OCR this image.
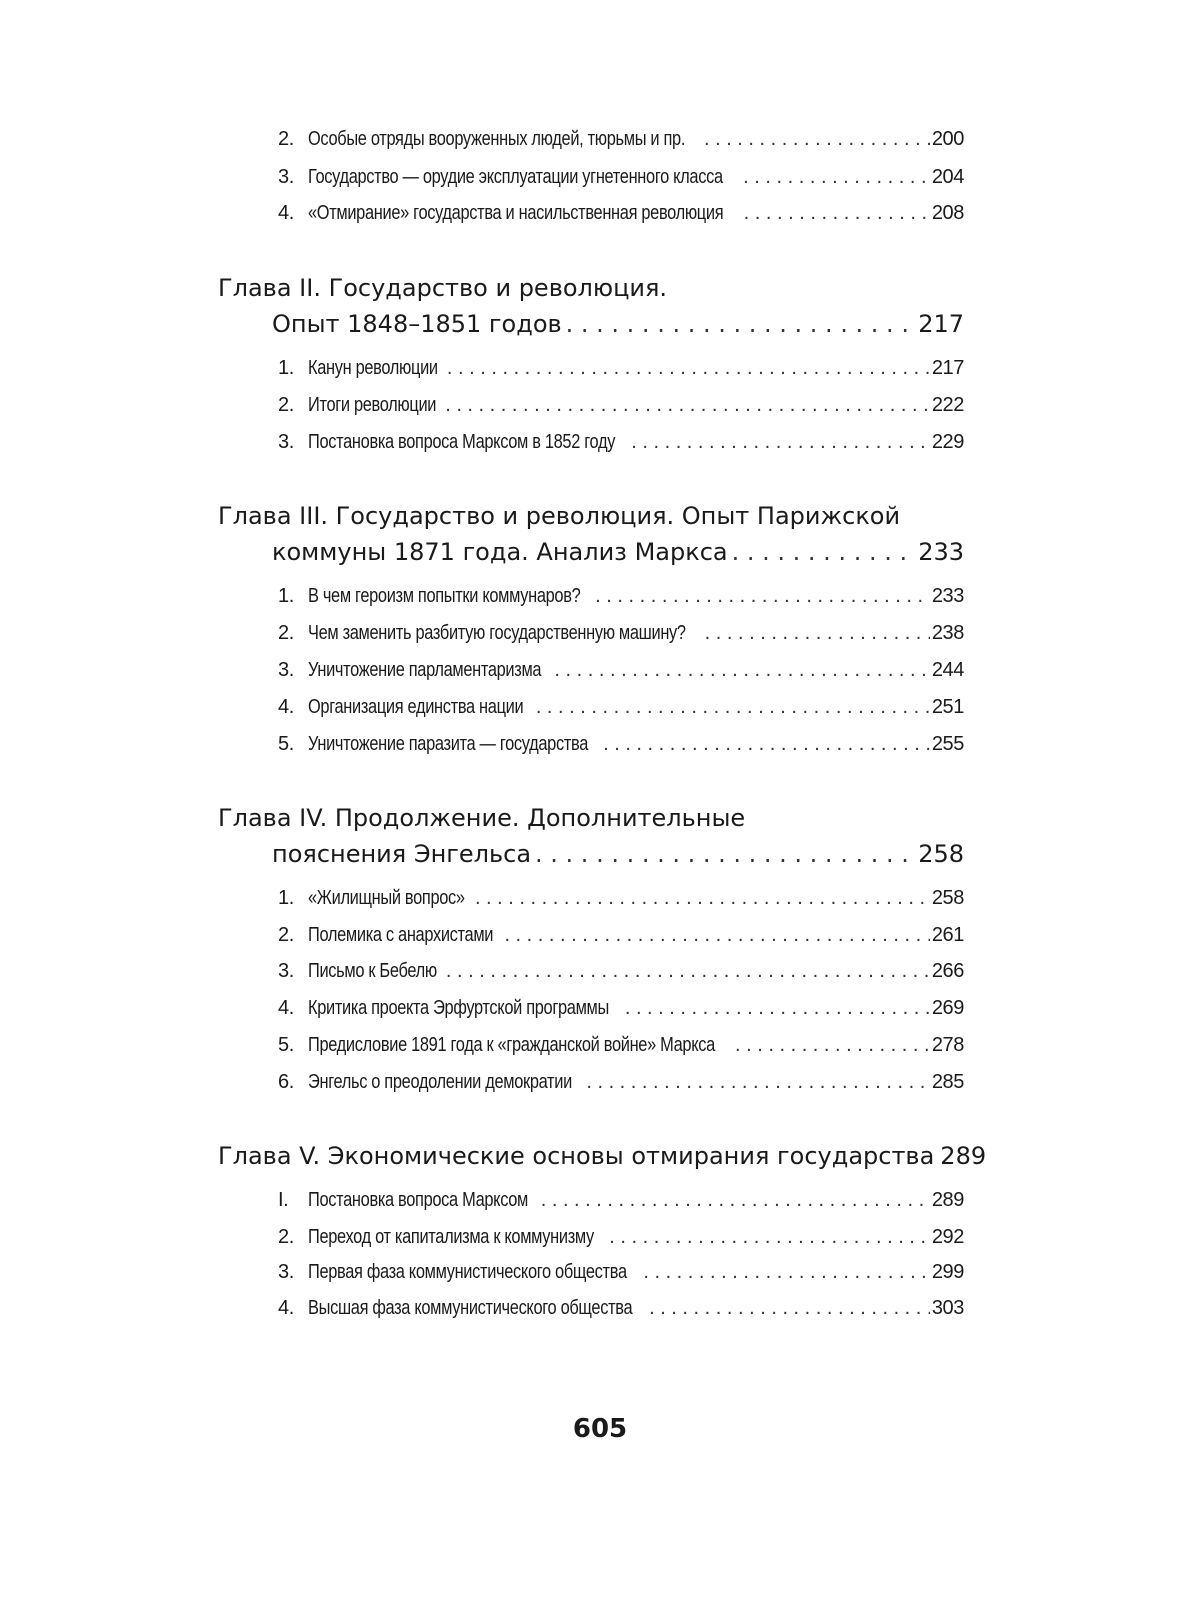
2. Особые отряды вооруженных людей, тюрьмы и пр. . . .	200
3. Государство — орудие эксплуатации угнетенного класса . . .	204
4. «Отмирание» государства и насильственная революция . . .	208
Глава II. Государство и революция.
Опыт 1848–1851 годов . . .	217
1. Канун революции . . .	217
2. Итоги революции . . .	222
3. Постановка вопроса Марксом в 1852 году . . .	229
Глава III. Государство и революция. Опыт Парижской
коммуны 1871 года. Анализ Маркса . . .	233
1. В чем героизм попытки коммунаров? . . .	233
2. Чем заменить разбитую государственную машину? . . .	238
3. Уничтожение парламентаризма . . .	244
4. Организация единства нации . . .	251
5. Уничтожение паразита — государства . . .	255
Глава IV. Продолжение. Дополнительные
пояснения Энгельса . . .	258
1. «Жилищный вопрос» . . .	258
2. Полемика с анархистами . . .	261
3. Письмо к Бебелю . . .	266
4. Критика проекта Эрфуртской программы . . .	269
5. Предисловие 1891 года к «гражданской войне» Маркса . . .	278
6. Энгельс о преодолении демократии . . .	285
Глава V. Экономические основы отмирания государства 289
I. Постановка вопроса Марксом . . .	289
2. Переход от капитализма к коммунизму . . .	292
3. Первая фаза коммунистического общества . . .	299
4. Высшая фаза коммунистического общества . . .	303
605
